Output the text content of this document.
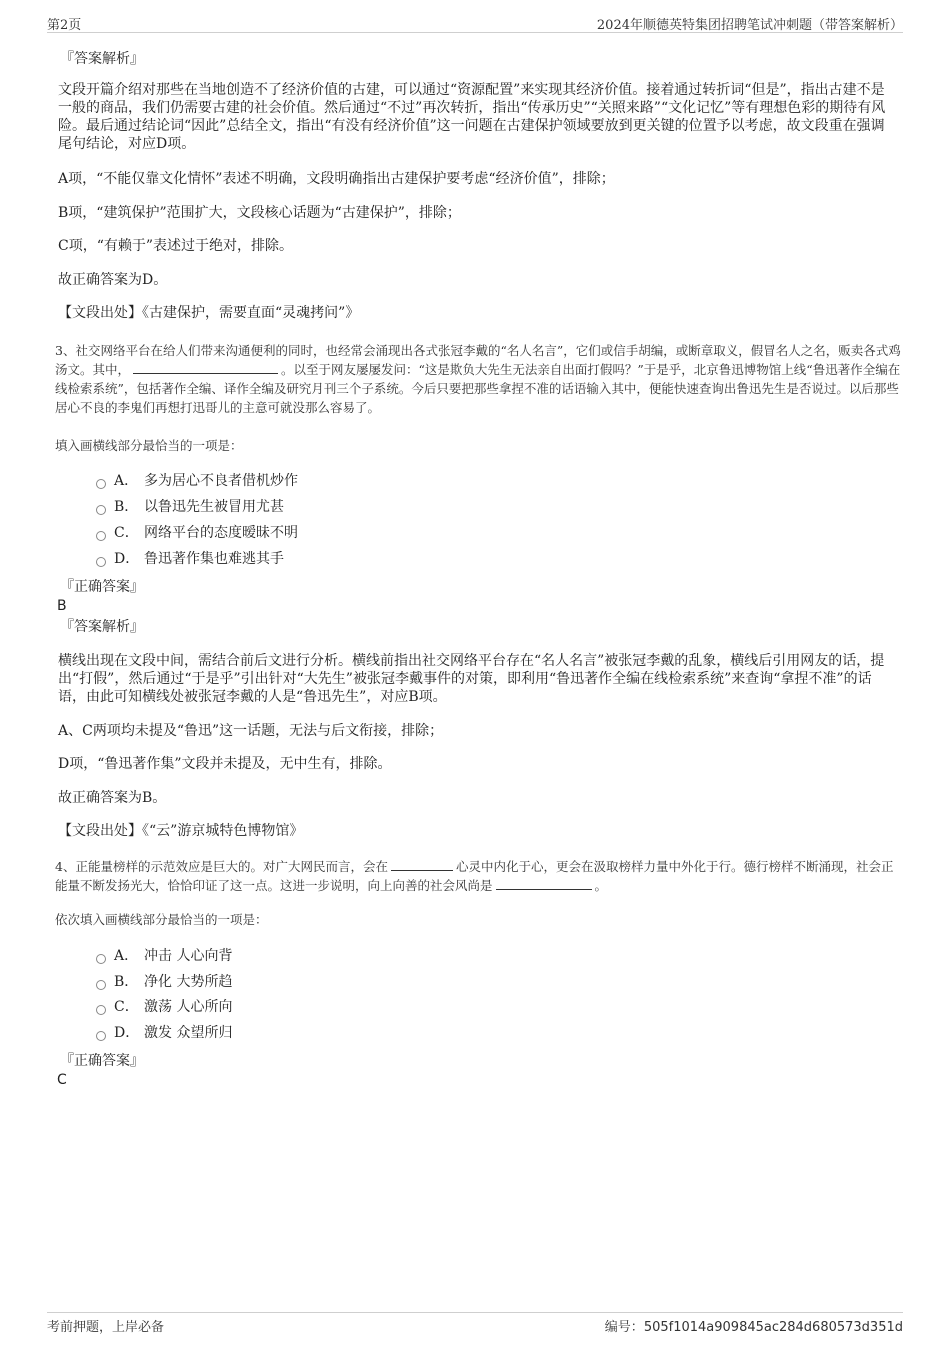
第2页	2024年顺德英特集团招聘笔试冲刺题（带答案解析）

『答案解析』

文段开篇介绍对那些在当地创造不了经济价值的古建，可以通过“资源配置”来实现其经济价值。接着通过转折词“但是”，指出古建不是一般的商品，我们仍需要古建的社会价值。然后通过“不过”再次转折，指出“传承历史”“关照来路”“文化记忆”等有理想色彩的期待有风险。最后通过结论词“因此”总结全文，指出“有没有经济价值”这一问题在古建保护领域要放到更关键的位置予以考虑，故文段重在强调尾句结论，对应D项。

A项，“不能仅靠文化情怀”表述不明确，文段明确指出古建保护要考虑“经济价值”，排除；

B项，“建筑保护”范围扩大，文段核心话题为“古建保护”，排除；

C项，“有赖于”表述过于绝对，排除。

故正确答案为D。

【文段出处】《古建保护，需要直面“灵魂拷问”》

3、社交网络平台在给人们带来沟通便利的同时，也经常会涌现出各式张冠李戴的“名人名言”，它们或信手胡编，或断章取义，假冒名人之名，贩卖各式鸡汤文。其中，	。以至于网友屡屡发问：“这是欺负大先生无法亲自出面打假吗？”于是乎，北京鲁迅博物馆上线“鲁迅著作全编在线检索系统”，包括著作全编、译作全编及研究月刊三个子系统。今后只要把那些拿捏不准的话语输入其中，便能快速查询出鲁迅先生是否说过。以后那些居心不良的李鬼们再想打迅哥儿的主意可就没那么容易了。

填入画横线部分最恰当的一项是：

A． 多为居心不良者借机炒作
B． 以鲁迅先生被冒用尤甚
C． 网络平台的态度暧昧不明
D． 鲁迅著作集也难逃其手

『正确答案』

B

『答案解析』

横线出现在文段中间，需结合前后文进行分析。横线前指出社交网络平台存在“名人名言”被张冠李戴的乱象，横线后引用网友的话，提出“打假”，然后通过“于是乎”引出针对“大先生”被张冠李戴事件的对策，即利用“鲁迅著作全编在线检索系统”来查询“拿捏不准”的话语，由此可知横线处被张冠李戴的人是“鲁迅先生”，对应B项。

A、C两项均未提及“鲁迅”这一话题，无法与后文衔接，排除；

D项，“鲁迅著作集”文段并未提及，无中生有，排除。

故正确答案为B。

【文段出处】《“云”游京城特色博物馆》

4、正能量榜样的示范效应是巨大的。对广大网民而言，会在	心灵中内化于心，更会在汲取榜样力量中外化于行。德行榜样不断涌现，社会正能量不断发扬光大，恰恰印证了这一点。这进一步说明，向上向善的社会风尚是	。

依次填入画横线部分最恰当的一项是：

A． 冲击 人心向背
B． 净化 大势所趋
C． 激荡 人心所向
D． 激发 众望所归

『正确答案』

C

考前押题，上岸必备	编号：505f1014a909845ac284d680573d351d
